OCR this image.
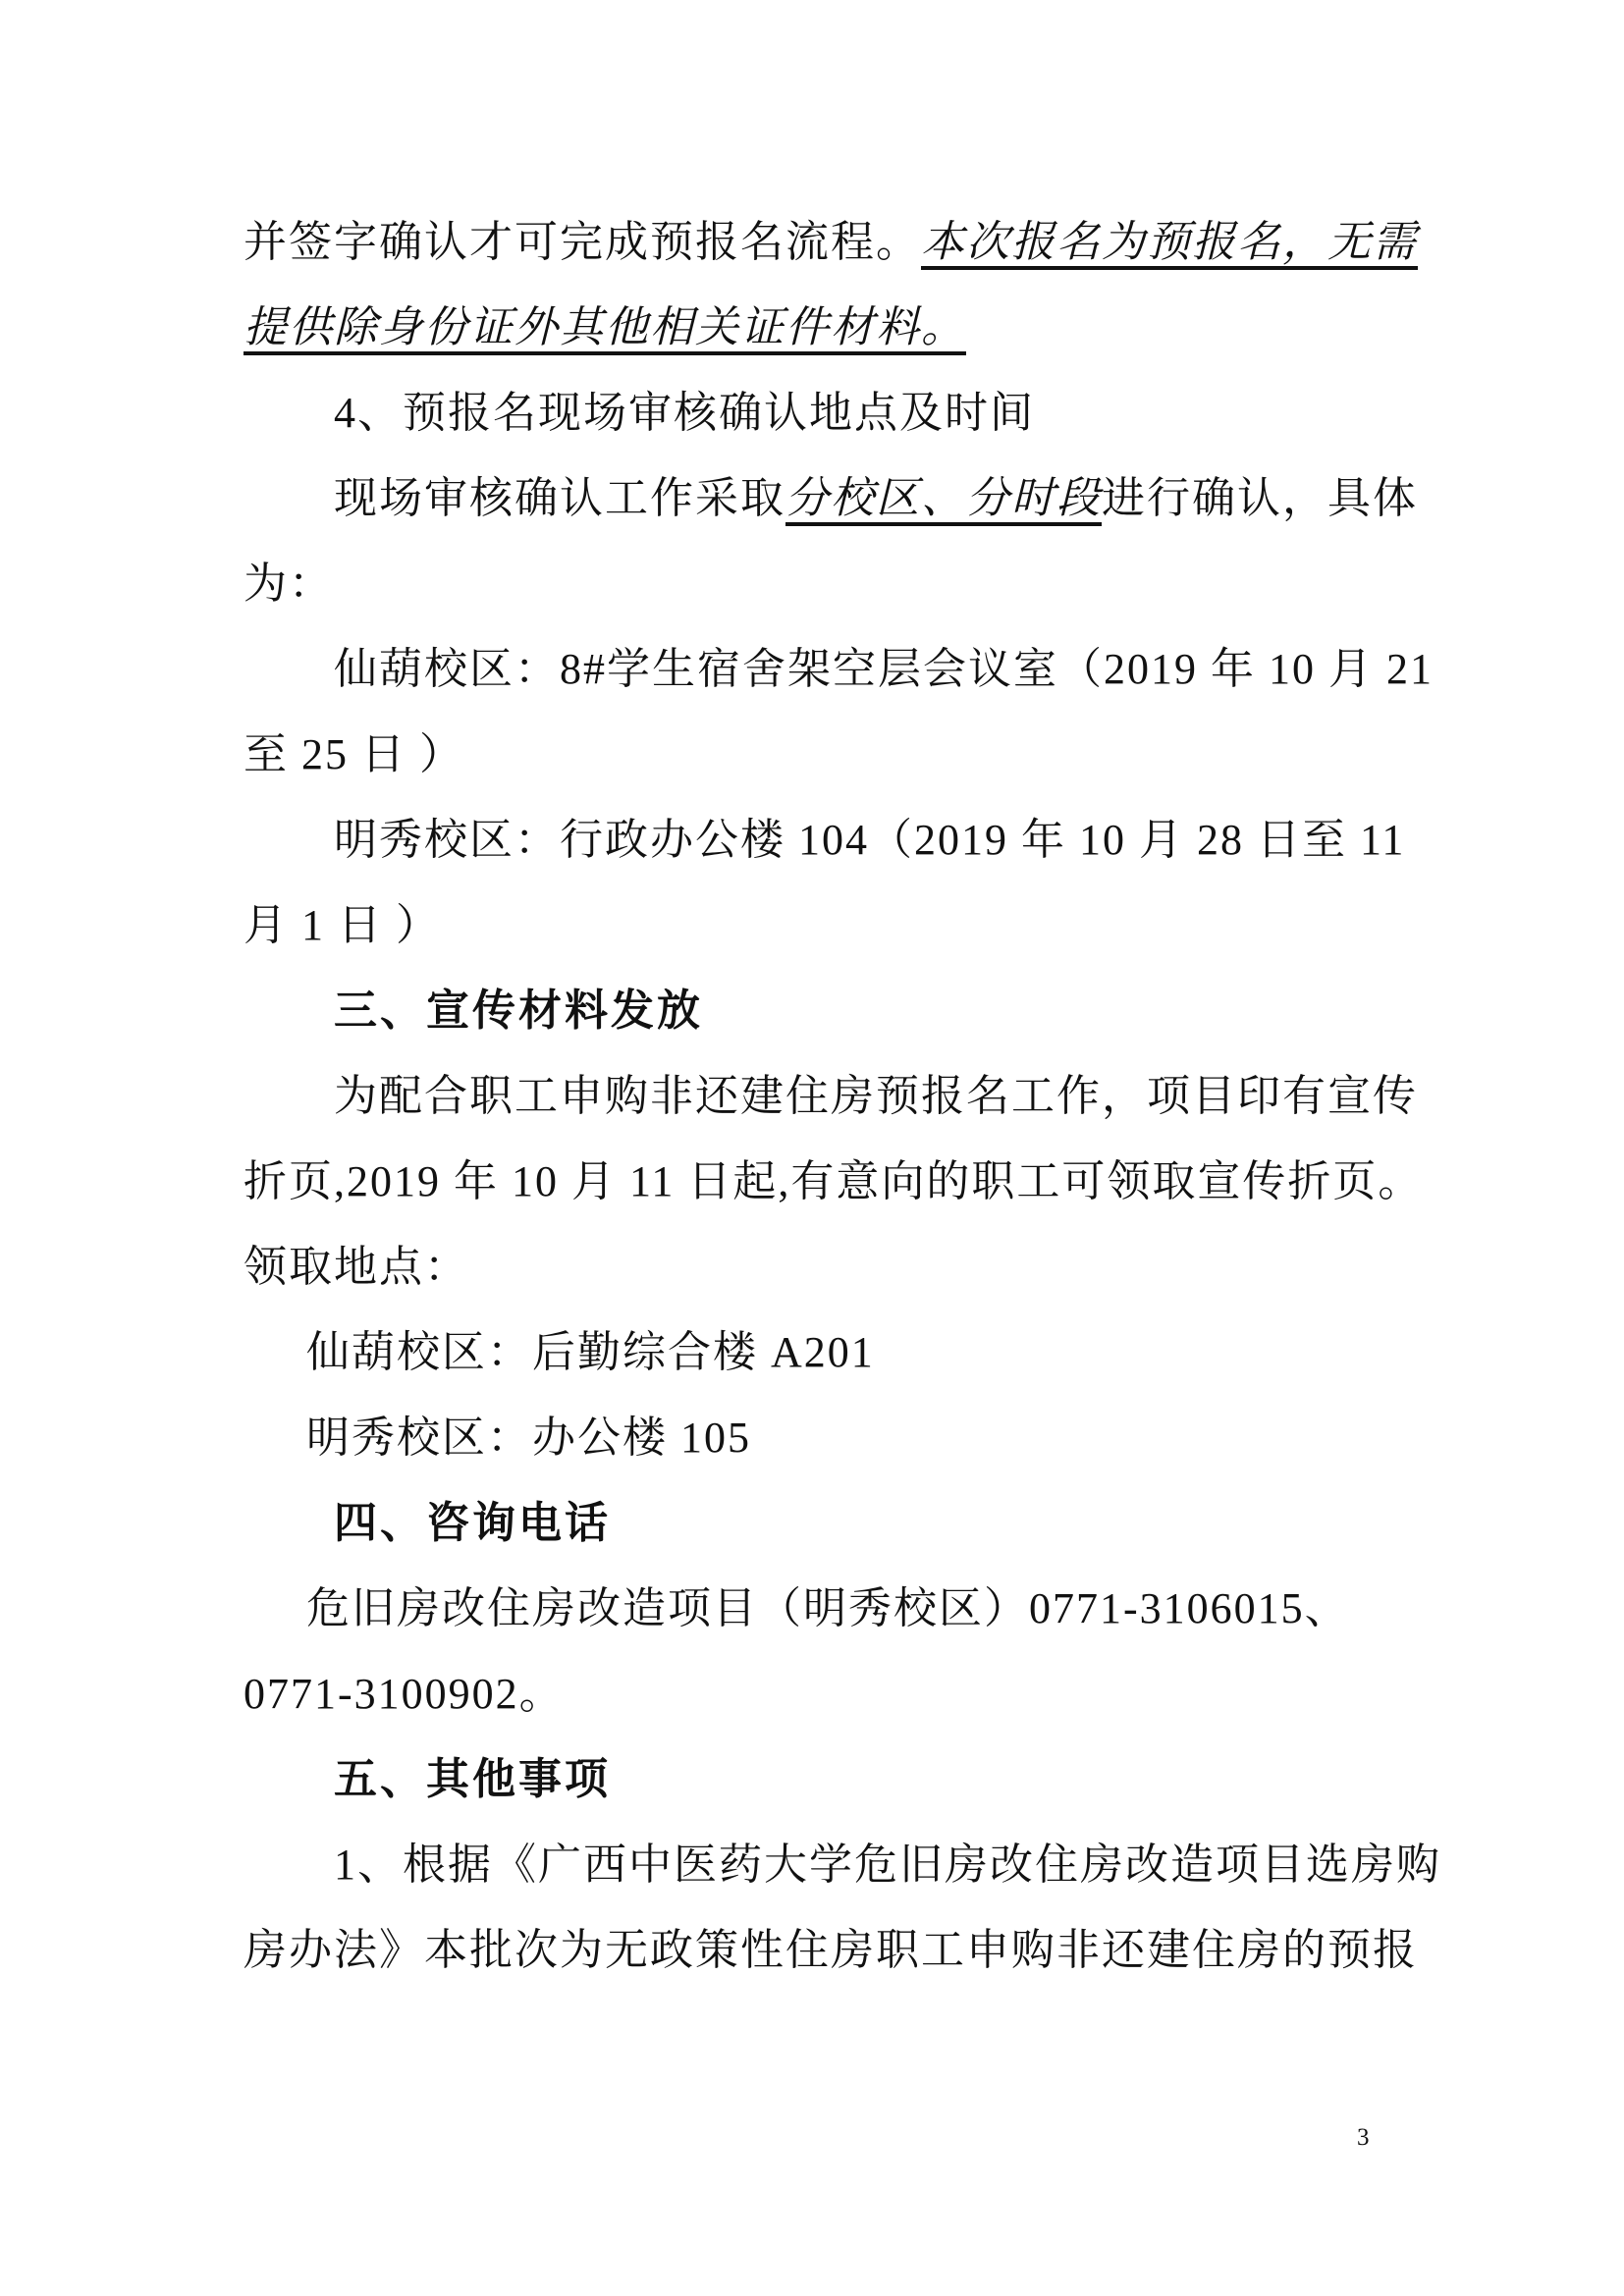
并签字确认才可完成预报名流程。本次报名为预报名，无需
提供除身份证外其他相关证件材料。
4、预报名现场审核确认地点及时间
现场审核确认工作采取分校区、分时段进行确认，具体
为：
仙葫校区：8#学生宿舍架空层会议室（2019 年 10 月 21
至 25 日 ）
明秀校区：行政办公楼 104（2019 年 10 月 28 日至 11
月 1 日 ）
三、宣传材料发放
为配合职工申购非还建住房预报名工作，项目印有宣传
折页,2019 年 10 月 11 日起,有意向的职工可领取宣传折页。
领取地点：
仙葫校区：后勤综合楼 A201
明秀校区：办公楼 105
四、咨询电话
危旧房改住房改造项目（明秀校区）0771-3106015、
0771-3100902。
五、其他事项
1、根据《广西中医药大学危旧房改住房改造项目选房购
房办法》本批次为无政策性住房职工申购非还建住房的预报
3
